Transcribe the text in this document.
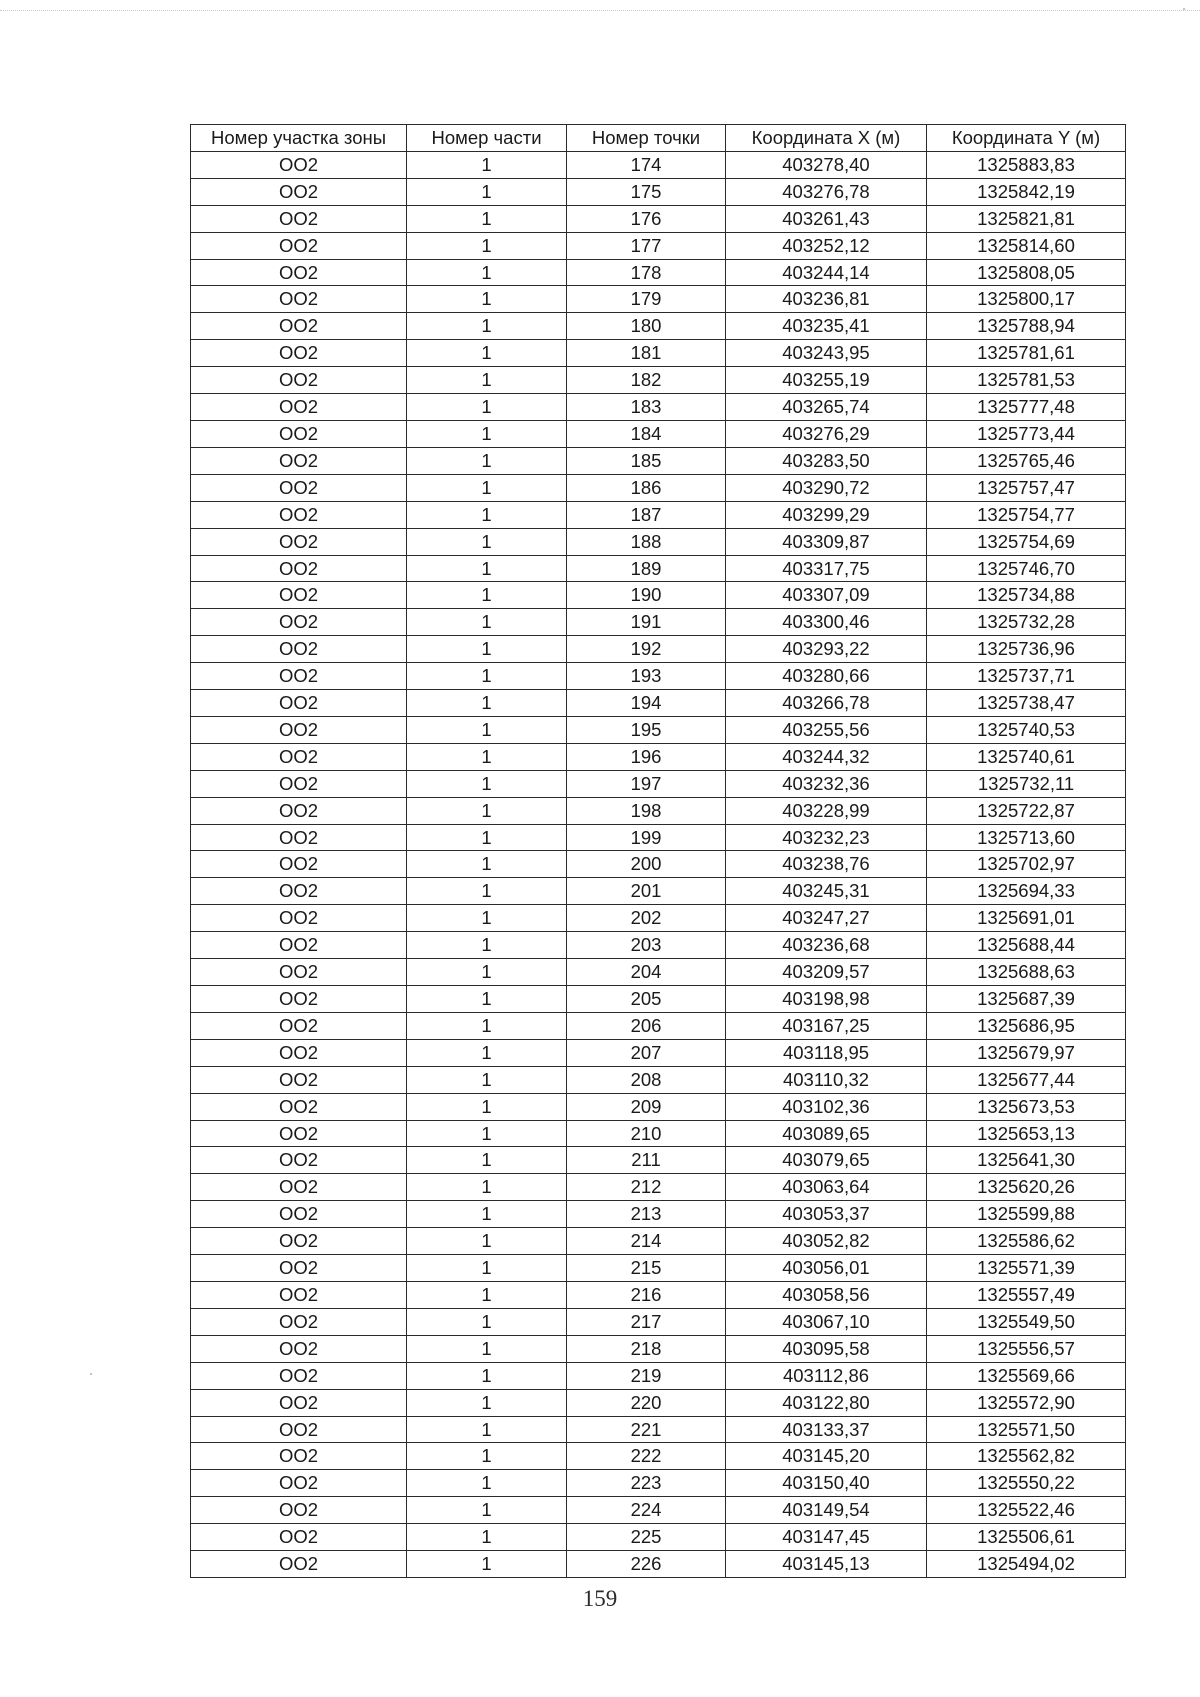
Номер участка зоны	Номер части	Номер точки	Координата X (м)	Координата Y (м)
OO2	1	174	403278,40	1325883,83
OO2	1	175	403276,78	1325842,19
OO2	1	176	403261,43	1325821,81
OO2	1	177	403252,12	1325814,60
OO2	1	178	403244,14	1325808,05
OO2	1	179	403236,81	1325800,17
OO2	1	180	403235,41	1325788,94
OO2	1	181	403243,95	1325781,61
OO2	1	182	403255,19	1325781,53
OO2	1	183	403265,74	1325777,48
OO2	1	184	403276,29	1325773,44
OO2	1	185	403283,50	1325765,46
OO2	1	186	403290,72	1325757,47
OO2	1	187	403299,29	1325754,77
OO2	1	188	403309,87	1325754,69
OO2	1	189	403317,75	1325746,70
OO2	1	190	403307,09	1325734,88
OO2	1	191	403300,46	1325732,28
OO2	1	192	403293,22	1325736,96
OO2	1	193	403280,66	1325737,71
OO2	1	194	403266,78	1325738,47
OO2	1	195	403255,56	1325740,53
OO2	1	196	403244,32	1325740,61
OO2	1	197	403232,36	1325732,11
OO2	1	198	403228,99	1325722,87
OO2	1	199	403232,23	1325713,60
OO2	1	200	403238,76	1325702,97
OO2	1	201	403245,31	1325694,33
OO2	1	202	403247,27	1325691,01
OO2	1	203	403236,68	1325688,44
OO2	1	204	403209,57	1325688,63
OO2	1	205	403198,98	1325687,39
OO2	1	206	403167,25	1325686,95
OO2	1	207	403118,95	1325679,97
OO2	1	208	403110,32	1325677,44
OO2	1	209	403102,36	1325673,53
OO2	1	210	403089,65	1325653,13
OO2	1	211	403079,65	1325641,30
OO2	1	212	403063,64	1325620,26
OO2	1	213	403053,37	1325599,88
OO2	1	214	403052,82	1325586,62
OO2	1	215	403056,01	1325571,39
OO2	1	216	403058,56	1325557,49
OO2	1	217	403067,10	1325549,50
OO2	1	218	403095,58	1325556,57
OO2	1	219	403112,86	1325569,66
OO2	1	220	403122,80	1325572,90
OO2	1	221	403133,37	1325571,50
OO2	1	222	403145,20	1325562,82
OO2	1	223	403150,40	1325550,22
OO2	1	224	403149,54	1325522,46
OO2	1	225	403147,45	1325506,61
OO2	1	226	403145,13	1325494,02
159
